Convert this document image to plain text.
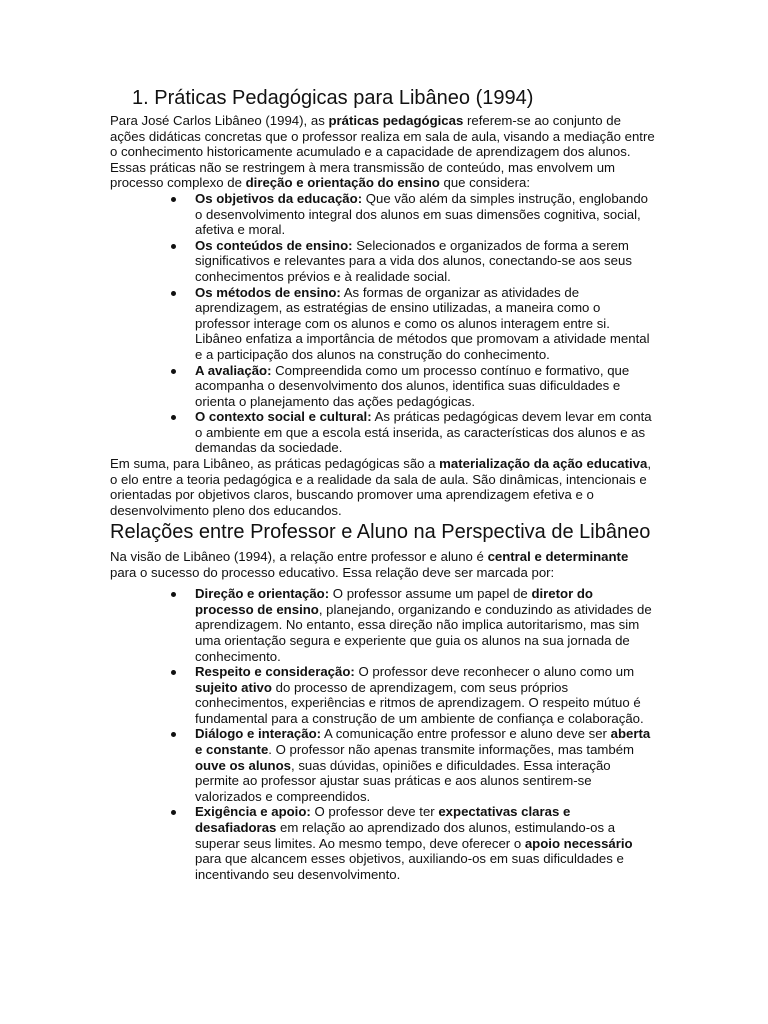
1. Práticas Pedagógicas para Libâneo (1994)

Para José Carlos Libâneo (1994), as práticas pedagógicas referem-se ao conjunto de ações didáticas concretas que o professor realiza em sala de aula, visando a mediação entre o conhecimento historicamente acumulado e a capacidade de aprendizagem dos alunos. Essas práticas não se restringem à mera transmissão de conteúdo, mas envolvem um processo complexo de direção e orientação do ensino que considera:

Os objetivos da educação: Que vão além da simples instrução, englobando o desenvolvimento integral dos alunos em suas dimensões cognitiva, social, afetiva e moral.
Os conteúdos de ensino: Selecionados e organizados de forma a serem significativos e relevantes para a vida dos alunos, conectando-se aos seus conhecimentos prévios e à realidade social.
Os métodos de ensino: As formas de organizar as atividades de aprendizagem, as estratégias de ensino utilizadas, a maneira como o professor interage com os alunos e como os alunos interagem entre si. Libâneo enfatiza a importância de métodos que promovam a atividade mental e a participação dos alunos na construção do conhecimento.
A avaliação: Compreendida como um processo contínuo e formativo, que acompanha o desenvolvimento dos alunos, identifica suas dificuldades e orienta o planejamento das ações pedagógicas.
O contexto social e cultural: As práticas pedagógicas devem levar em conta o ambiente em que a escola está inserida, as características dos alunos e as demandas da sociedade.

Em suma, para Libâneo, as práticas pedagógicas são a materialização da ação educativa, o elo entre a teoria pedagógica e a realidade da sala de aula. São dinâmicas, intencionais e orientadas por objetivos claros, buscando promover uma aprendizagem efetiva e o desenvolvimento pleno dos educandos.

Relações entre Professor e Aluno na Perspectiva de Libâneo

Na visão de Libâneo (1994), a relação entre professor e aluno é central e determinante para o sucesso do processo educativo. Essa relação deve ser marcada por:

Direção e orientação: O professor assume um papel de diretor do processo de ensino, planejando, organizando e conduzindo as atividades de aprendizagem. No entanto, essa direção não implica autoritarismo, mas sim uma orientação segura e experiente que guia os alunos na sua jornada de conhecimento.
Respeito e consideração: O professor deve reconhecer o aluno como um sujeito ativo do processo de aprendizagem, com seus próprios conhecimentos, experiências e ritmos de aprendizagem. O respeito mútuo é fundamental para a construção de um ambiente de confiança e colaboração.
Diálogo e interação: A comunicação entre professor e aluno deve ser aberta e constante. O professor não apenas transmite informações, mas também ouve os alunos, suas dúvidas, opiniões e dificuldades. Essa interação permite ao professor ajustar suas práticas e aos alunos sentirem-se valorizados e compreendidos.
Exigência e apoio: O professor deve ter expectativas claras e desafiadoras em relação ao aprendizado dos alunos, estimulando-os a superar seus limites. Ao mesmo tempo, deve oferecer o apoio necessário para que alcancem esses objetivos, auxiliando-os em suas dificuldades e incentivando seu desenvolvimento.
